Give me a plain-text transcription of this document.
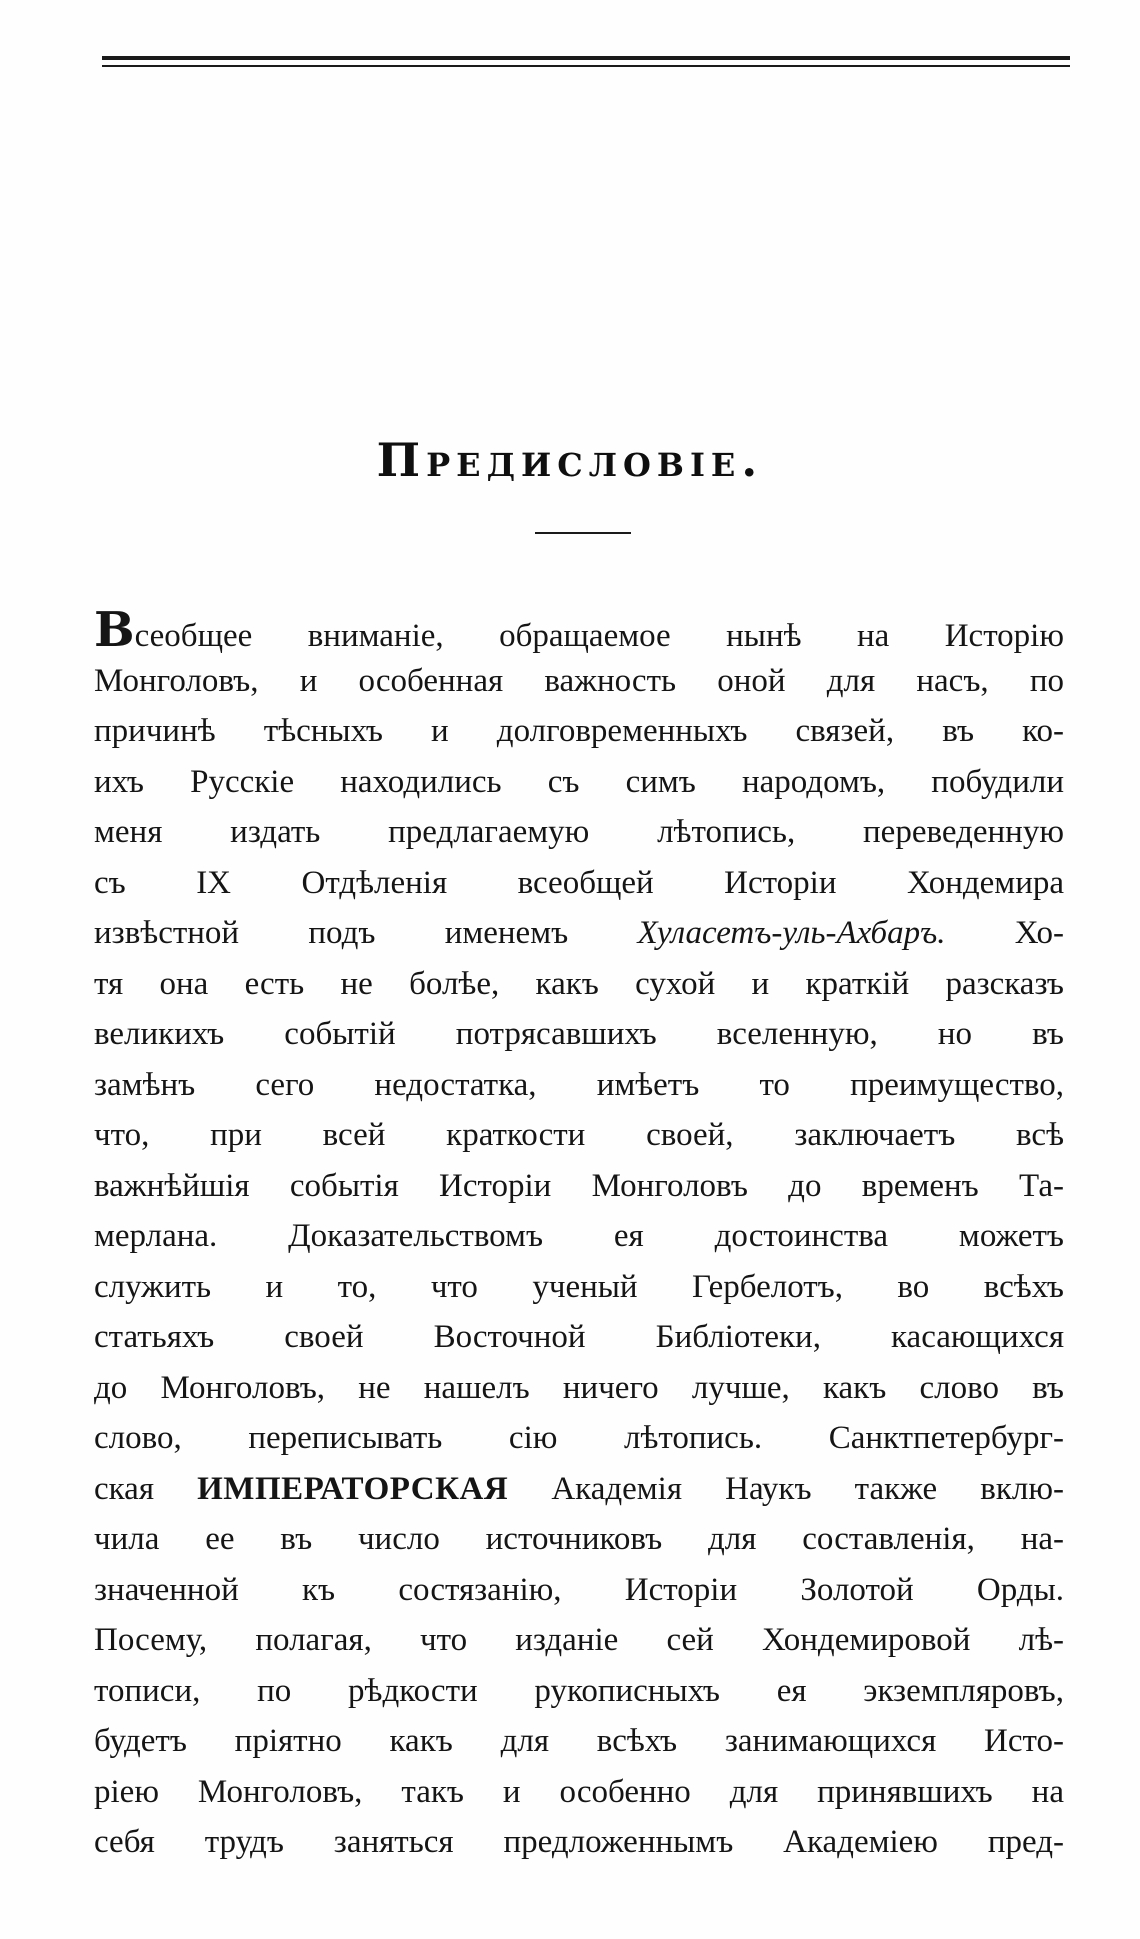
Предисловiе.
Всеобщее вниманiе, обращаемое нынѣ на Исторiю
Монголовъ, и особенная важность оной для насъ, по
причинѣ тѣсныхъ и долговременныхъ связей, въ ко-
ихъ Русскiе находились съ симъ народомъ, побудили
меня издать предлагаемую лѣтопись, переведенную
съ IX Отдѣленiя всеобщей Исторiи Хондемира
извѣстной подъ именемъ Хуласетъ-уль-Ахбаръ. Хо-
тя она есть не болѣе, какъ сухой и краткiй разсказъ
великихъ событiй потрясавшихъ вселенную, но въ
замѣнъ сего недостатка, имѣетъ то преимущество,
что, при всей краткости своей, заключаетъ всѣ
важнѣйшiя событiя Исторiи Монголовъ до временъ Та-
мерлана. Доказательствомъ ея достоинства можетъ
служить и то, что ученый Гербелотъ, во всѣхъ
статьяхъ своей Восточной Библiотеки, касающихся
до Монголовъ, не нашелъ ничего лучше, какъ слово въ
слово, переписывать сiю лѣтопись. Санктпетербург-
ская ИМПЕРАТОРСКАЯ Академiя Наукъ также вклю-
чила ее въ число источниковъ для составленiя, на-
значенной къ состязанiю, Исторiи Золотой Орды.
Посему, полагая, что изданiе сей Хондемировой лѣ-
тописи, по рѣдкости рукописныхъ ея экземпляровъ,
будетъ прiятно какъ для всѣхъ занимающихся Исто-
рiею Монголовъ, такъ и особенно для принявшихъ на
себя трудъ заняться предложеннымъ Академiею пред-
